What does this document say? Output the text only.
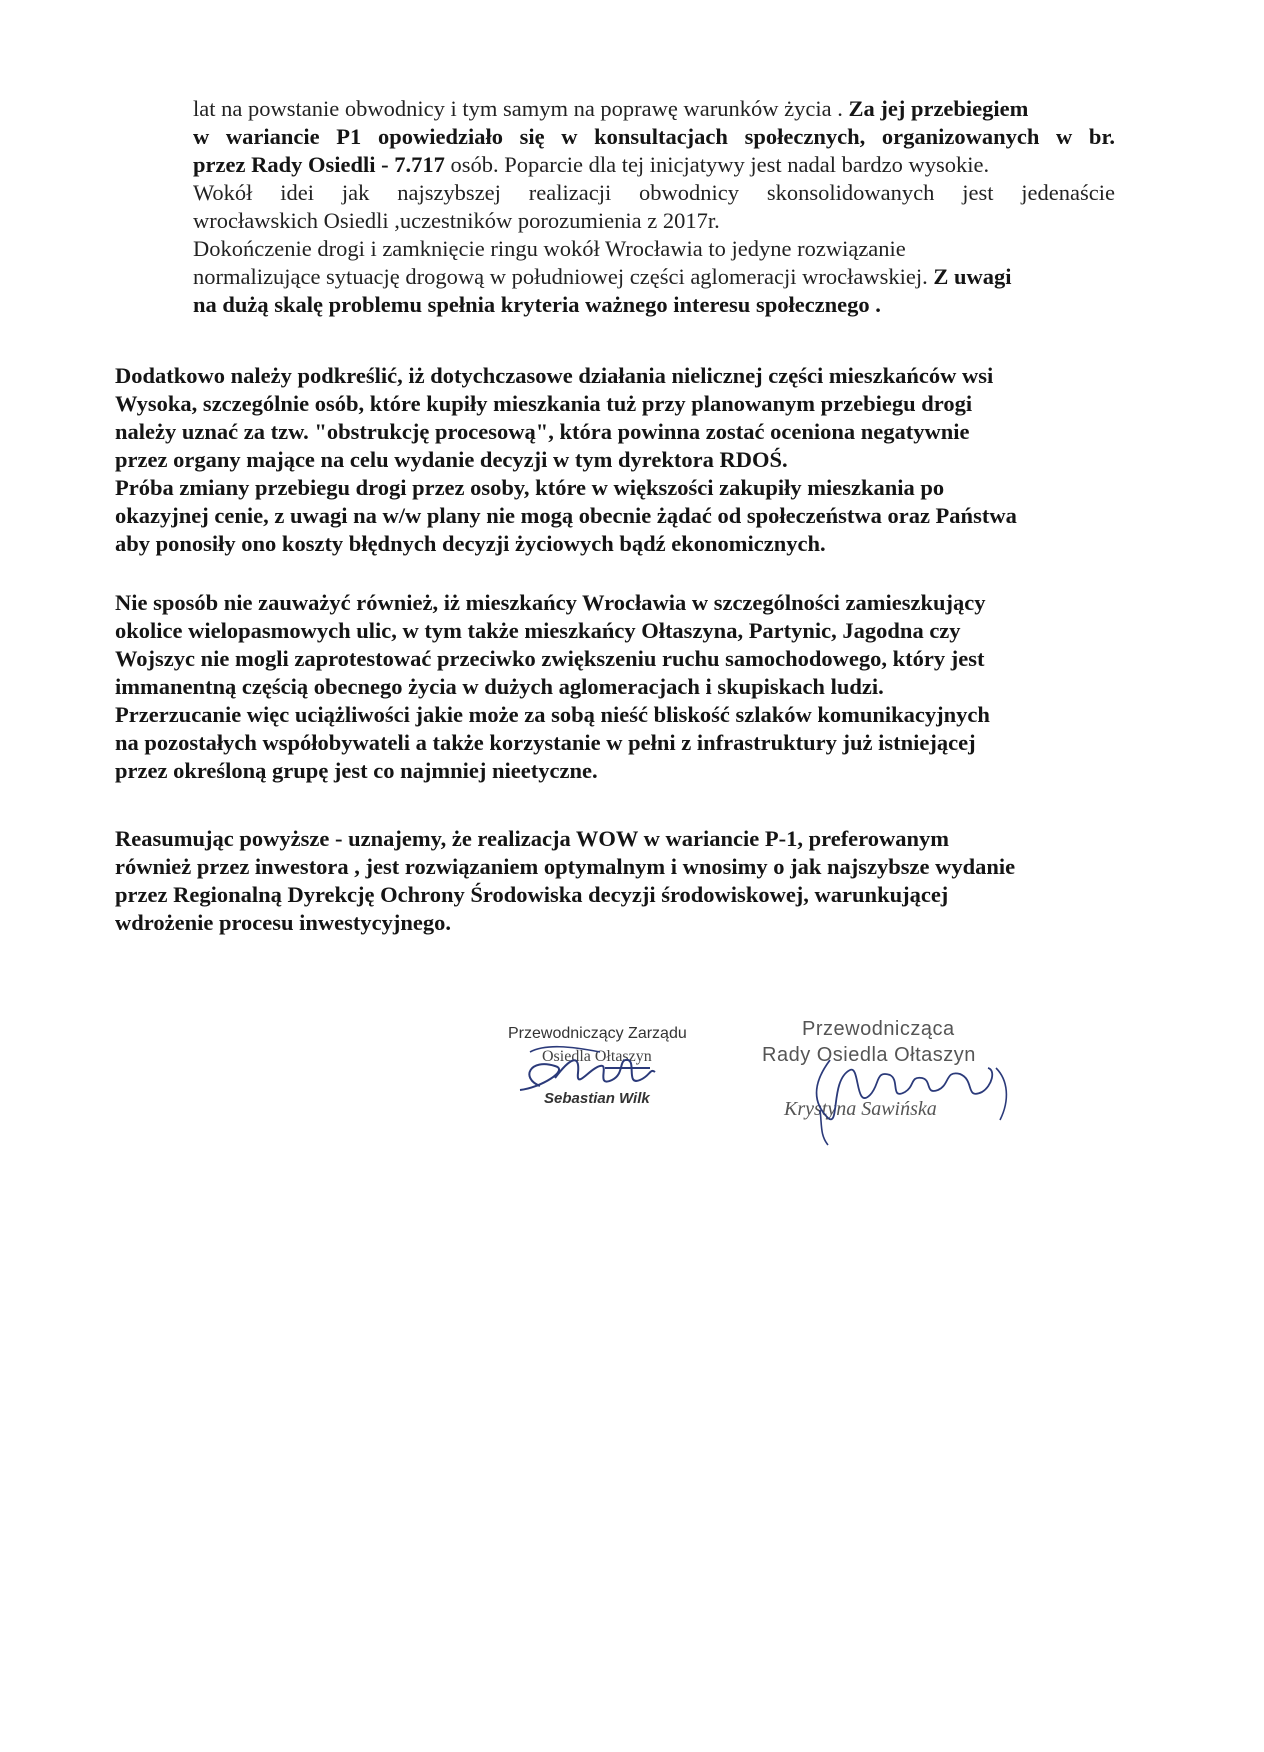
lat na powstanie obwodnicy i tym samym na poprawę warunków życia . Za jej przebiegiem
w wariancie P1 opowiedziało się w konsultacjach społecznych, organizowanych w br.
przez Rady Osiedli - 7.717 osób. Poparcie dla tej inicjatywy jest nadal bardzo wysokie.
Wokół idei jak najszybszej realizacji obwodnicy skonsolidowanych jest jedenaście
wrocławskich Osiedli ,uczestników porozumienia z 2017r.
Dokończenie drogi i zamknięcie ringu wokół Wrocławia to jedyne rozwiązanie
normalizujące sytuację drogową w południowej części aglomeracji wrocławskiej. Z uwagi
na dużą skalę problemu spełnia kryteria ważnego interesu społecznego .
Dodatkowo należy podkreślić, iż dotychczasowe działania nielicznej części mieszkańców wsi
Wysoka, szczególnie osób, które kupiły mieszkania tuż przy planowanym przebiegu drogi
należy uznać za tzw. "obstrukcję procesową", która powinna zostać oceniona negatywnie
przez organy mające na celu wydanie decyzji w tym dyrektora RDOŚ.
Próba zmiany przebiegu drogi przez osoby, które w większości zakupiły mieszkania po
okazyjnej cenie, z uwagi na w/w plany nie mogą obecnie żądać od społeczeństwa oraz Państwa
aby ponosiły ono koszty błędnych decyzji życiowych bądź ekonomicznych.
Nie sposób nie zauważyć również, iż mieszkańcy Wrocławia w szczególności zamieszkujący
okolice wielopasmowych ulic, w tym także mieszkańcy Ołtaszyna, Partynic, Jagodna czy
Wojszyc nie mogli zaprotestować przeciwko zwiększeniu ruchu samochodowego, który jest
immanentną częścią obecnego życia w dużych aglomeracjach i skupiskach ludzi.
Przerzucanie więc uciążliwości jakie może za sobą nieść bliskość szlaków komunikacyjnych
na pozostałych współobywateli a także korzystanie w pełni z infrastruktury już istniejącej
przez określoną grupę jest co najmniej nieetyczne.
Reasumując powyższe - uznajemy, że realizacja WOW w wariancie P-1, preferowanym
również przez inwestora , jest rozwiązaniem optymalnym i wnosimy o jak najszybsze wydanie
przez Regionalną Dyrekcję Ochrony Środowiska decyzji środowiskowej, warunkującej
wdrożenie procesu inwestycyjnego.
Przewodniczący Zarządu
Osiedla Ołtaszyn
Sebastian Wilk
Przewodnicząca
Rady Osiedla Ołtaszyn
Krystyna Sawińska
